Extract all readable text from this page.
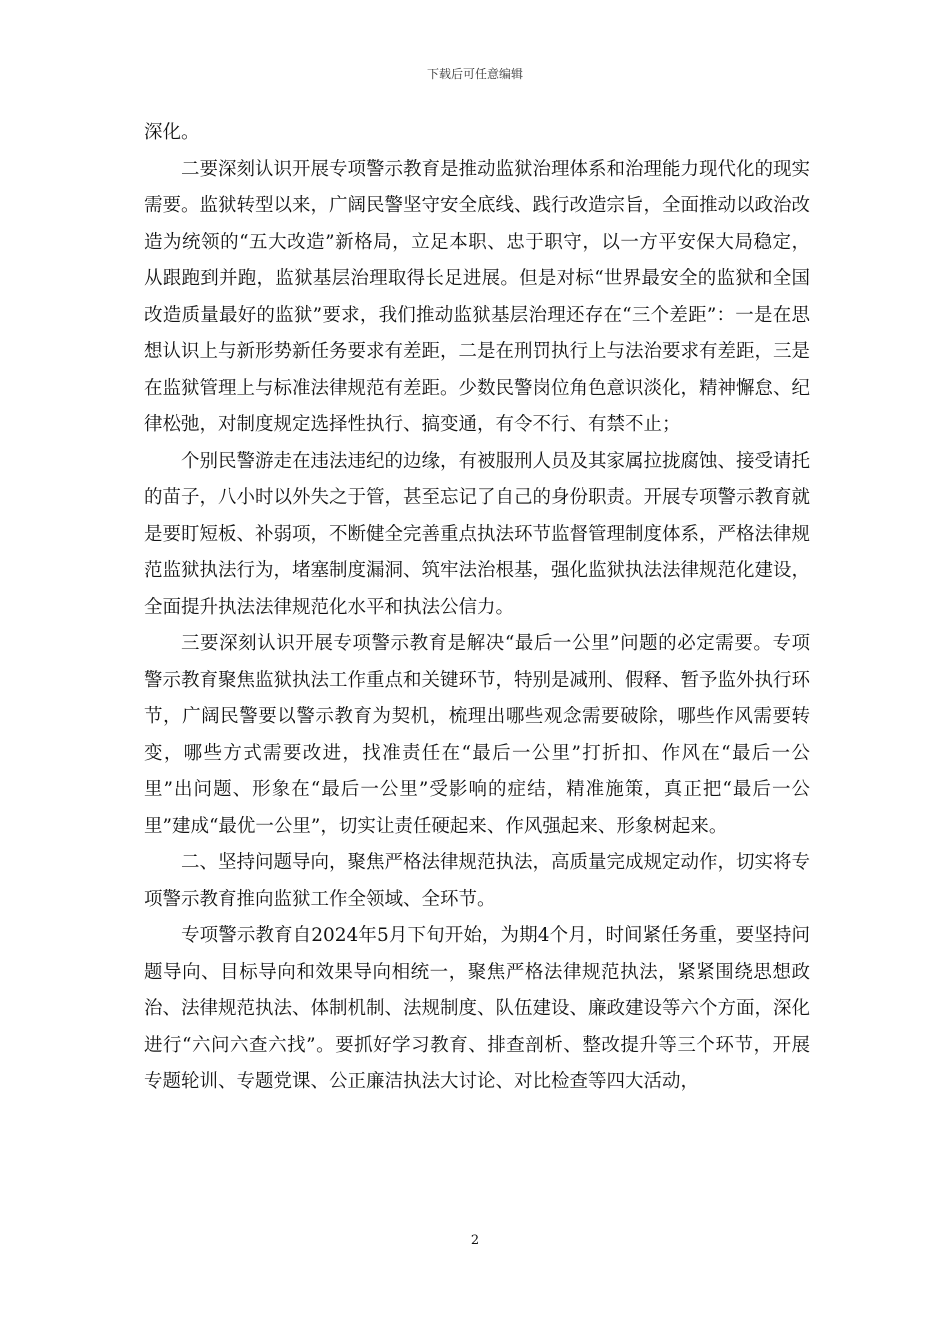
下载后可任意编辑

深化。

二要深刻认识开展专项警示教育是推动监狱治理体系和治理能力现代化的现实需要。监狱转型以来，广阔民警坚守安全底线、践行改造宗旨，全面推动以政治改造为统领的“五大改造”新格局，立足本职、忠于职守，以一方平安保大局稳定，从跟跑到并跑，监狱基层治理取得长足进展。但是对标“世界最安全的监狱和全国改造质量最好的监狱”要求，我们推动监狱基层治理还存在“三个差距”：一是在思想认识上与新形势新任务要求有差距，二是在刑罚执行上与法治要求有差距，三是在监狱管理上与标准法律规范有差距。少数民警岗位角色意识淡化，精神懈怠、纪律松弛，对制度规定选择性执行、搞变通，有令不行、有禁不止；

个别民警游走在违法违纪的边缘，有被服刑人员及其家属拉拢腐蚀、接受请托的苗子，八小时以外失之于管，甚至忘记了自己的身份职责。开展专项警示教育就是要盯短板、补弱项，不断健全完善重点执法环节监督管理制度体系，严格法律规范监狱执法行为，堵塞制度漏洞、筑牢法治根基，强化监狱执法法律规范化建设，全面提升执法法律规范化水平和执法公信力。

三要深刻认识开展专项警示教育是解决“最后一公里”问题的必定需要。专项警示教育聚焦监狱执法工作重点和关键环节，特别是减刑、假释、暂予监外执行环节，广阔民警要以警示教育为契机，梳理出哪些观念需要破除，哪些作风需要转变，哪些方式需要改进，找准责任在“最后一公里”打折扣、作风在“最后一公里”出问题、形象在“最后一公里”受影响的症结，精准施策，真正把“最后一公里”建成“最优一公里”，切实让责任硬起来、作风强起来、形象树起来。

二、坚持问题导向，聚焦严格法律规范执法，高质量完成规定动作，切实将专项警示教育推向监狱工作全领域、全环节。

专项警示教育自2024年5月下旬开始，为期4个月，时间紧任务重，要坚持问题导向、目标导向和效果导向相统一，聚焦严格法律规范执法，紧紧围绕思想政治、法律规范执法、体制机制、法规制度、队伍建设、廉政建设等六个方面，深化进行“六问六查六找”。要抓好学习教育、排查剖析、整改提升等三个环节，开展专题轮训、专题党课、公正廉洁执法大讨论、对比检查等四大活动，

2
